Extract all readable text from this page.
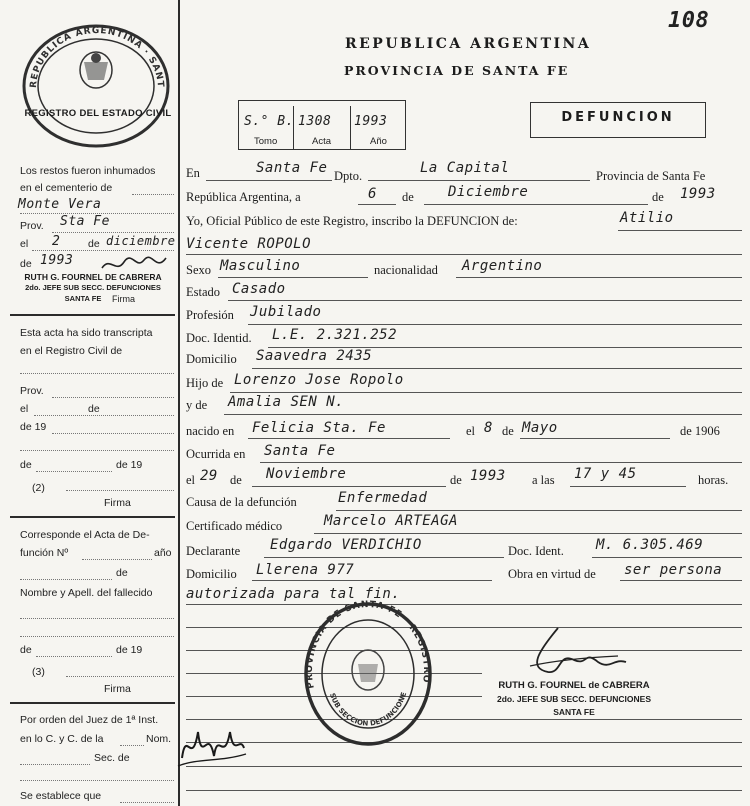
REPUBLICA ARGENTINA · SANT
REGISTRO DEL ESTADO CIVIL
Los restos fueron inhumados
en el cementerio de
Monte Vera
Prov. Sta Fe
el 2	de diciembre
de 1993
RUTH G. FOURNEL DE CABRERA
2do. JEFE SUB SECC. DEFUNCIONES
SANTA FE	Firma
Esta acta ha sido transcripta
en el Registro Civil de
Prov.
el	de
de 19
de	de 19
(2)
Firma
Corresponde el Acta de De-
función Nº	año
de
Nombre y Apell. del fallecido
de	de 19
(3)
Firma
Por orden del Juez de 1ª Inst.
en lo C. y C. de la	Nom.
Sec. de
Se establece que
108
REPUBLICA ARGENTINA
PROVINCIA DE SANTA FE
S.° B. 1308 1993
Tomo	Acta	Año
DEFUNCION
En	Santa Fe Dpto.	La Capital	Provincia de Santa Fe
República Argentina, a	6 de Diciembre	de 1993
Yo, Oficial Público de este Registro, inscribo la DEFUNCION de:	Atilio
Vicente ROPOLO
Sexo Masculino	nacionalidad Argentino
Estado Casado
Profesión Jubilado
Doc. Identid. L.E. 2.321.252
Domicilio Saavedra 2435
Hijo de Lorenzo Jose Ropolo
y de Amalia SEN N.
nacido en Felicia Sta. Fe	el 8 de Mayo	de 1906
Ocurrida en Santa Fe
el 29 de Noviembre	de 1993 a las 17 y 45	horas.
Causa de la defunción	Enfermedad
Certificado médico	Marcelo ARTEAGA
Declarante Edgardo VERDICHIO	Doc. Ident. M. 6.305.469
Domicilio Llerena 977	Obra en virtud de ser persona
autorizada para tal fin.
PROVINCIA DE SANTA FE · REGISTRO
SUB SECCION DEFUNCIONE
RUTH G. FOURNEL de CABRERA
2do. JEFE SUB SECC. DEFUNCIONES
SANTA FE
